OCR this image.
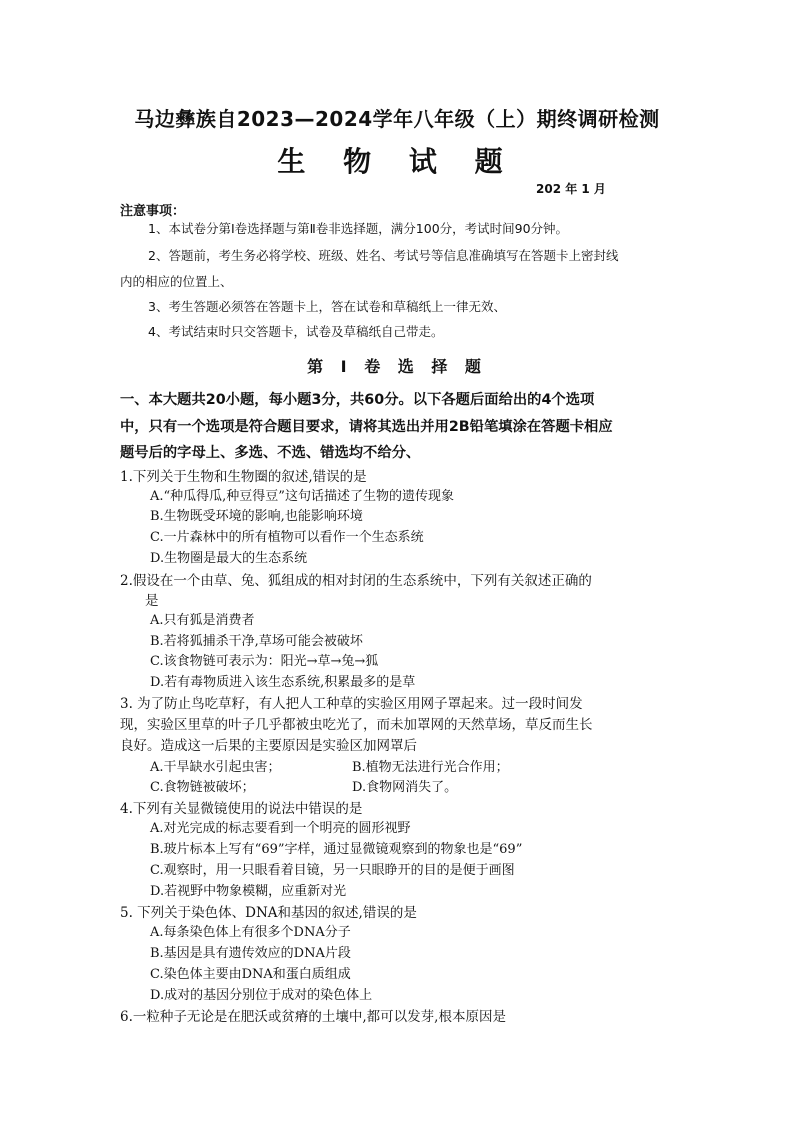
马边彝族自2023—2024学年八年级（上）期终调研检测
生 物 试 题
202 年 1 月
注意事项：
1、本试卷分第Ⅰ卷选择题与第Ⅱ卷非选择题，满分100分，考试时间90分钟。
2、答题前，考生务必将学校、班级、姓名、考试号等信息准确填写在答题卡上密封线
内的相应的位置上、
3、考生答题必须答在答题卡上，答在试卷和草稿纸上一律无效、
4、考试结束时只交答题卡，试卷及草稿纸自己带走。
第 Ⅰ 卷 选 择 题
一、本大题共20小题，每小题3分，共60分。以下各题后面给出的4个选项
中，只有一个选项是符合题目要求，请将其选出并用2B铅笔填涂在答题卡相应
题号后的字母上、多选、不选、错选均不给分、
1.下列关于生物和生物圈的叙述,错误的是
A.“种瓜得瓜,种豆得豆”这句话描述了生物的遗传现象
B.生物既受环境的影响,也能影响环境
C.一片森林中的所有植物可以看作一个生态系统
D.生物圈是最大的生态系统
2.假设在一个由草、兔、狐组成的相对封闭的生态系统中，下列有关叙述正确的
是
A.只有狐是消费者
B.若将狐捕杀干净,草场可能会被破坏
C.该食物链可表示为：阳光→草→兔→狐
D.若有毒物质进入该生态系统,积累最多的是草
3. 为了防止鸟吃草籽，有人把人工种草的实验区用网子罩起来。过一段时间发
现，实验区里草的叶子几乎都被虫吃光了，而未加罩网的天然草场，草反而生长
良好。造成这一后果的主要原因是实验区加网罩后
A.干旱缺水引起虫害；	B.植物无法进行光合作用；
C.食物链被破坏；	D.食物网消失了。
4.下列有关显微镜使用的说法中错误的是
A.对光完成的标志要看到一个明亮的圆形视野
B.玻片标本上写有“69”字样，通过显微镜观察到的物象也是“69”
C.观察时，用一只眼看着目镜，另一只眼睁开的目的是便于画图
D.若视野中物象模糊，应重新对光
5. 下列关于染色体、DNA和基因的叙述,错误的是
A.每条染色体上有很多个DNA分子
B.基因是具有遗传效应的DNA片段
C.染色体主要由DNA和蛋白质组成
D.成对的基因分别位于成对的染色体上
6.一粒种子无论是在肥沃或贫瘠的土壤中,都可以发芽,根本原因是
